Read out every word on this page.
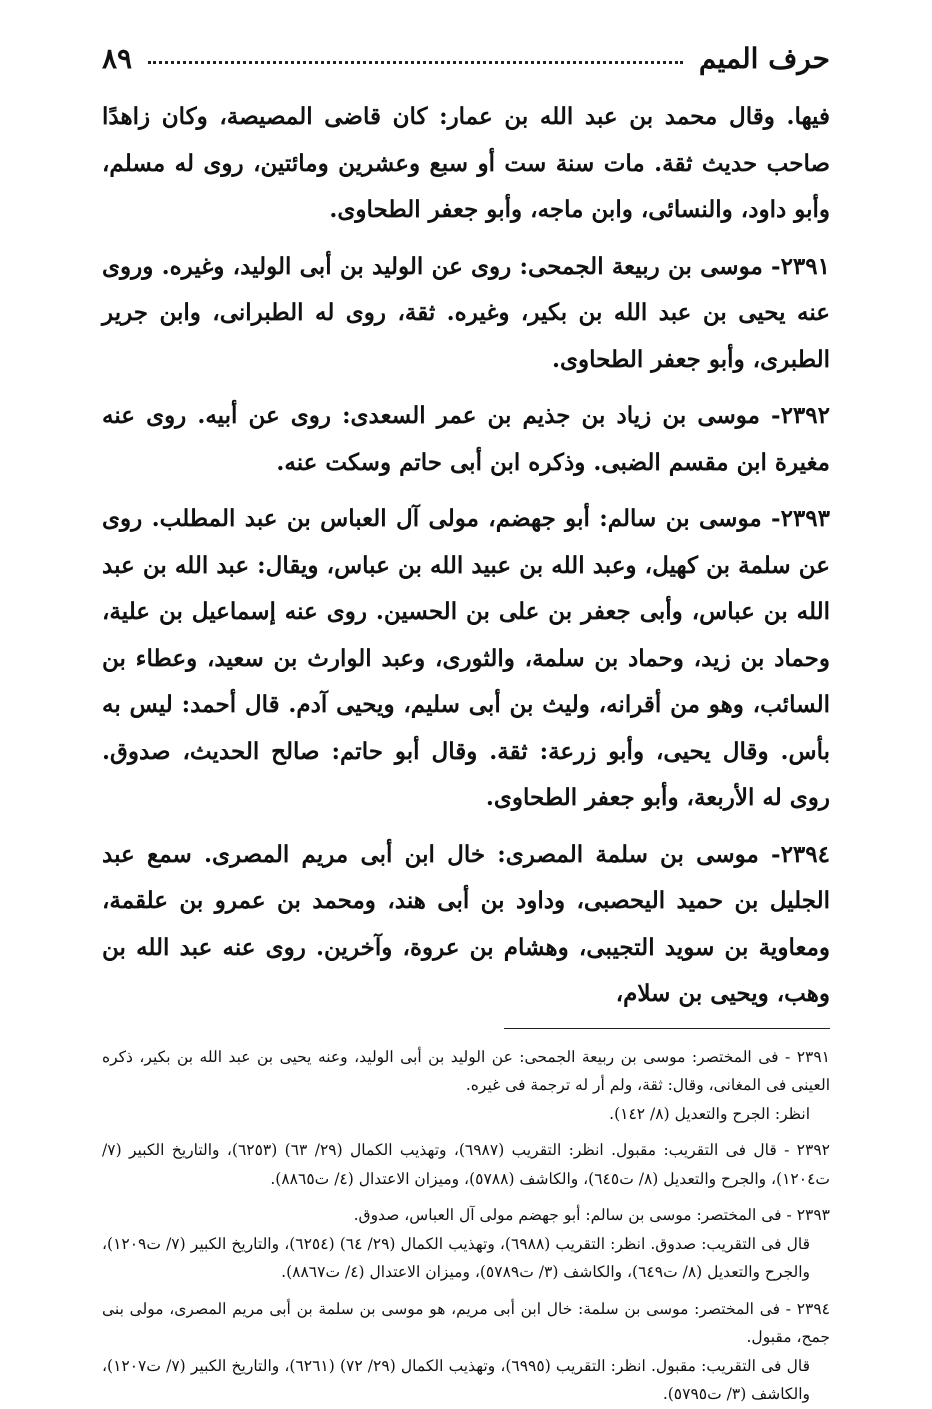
حرف الميم
٨٩

فيها. وقال محمد بن عبد الله بن عمار: كان قاضى المصيصة، وكان زاهدًا صاحب حديث ثقة. مات سنة ست أو سبع وعشرين ومائتين، روى له مسلم، وأبو داود، والنسائى، وابن ماجه، وأبو جعفر الطحاوى.

٢٣٩١- موسى بن ربيعة الجمحى: روى عن الوليد بن أبى الوليد، وغيره. وروى عنه يحيى بن عبد الله بن بكير، وغيره. ثقة، روى له الطبرانى، وابن جرير الطبرى، وأبو جعفر الطحاوى.

٢٣٩٢- موسى بن زياد بن جذيم بن عمر السعدى: روى عن أبيه. روى عنه مغيرة ابن مقسم الضبى. وذكره ابن أبى حاتم وسكت عنه.

٢٣٩٣- موسى بن سالم: أبو جهضم، مولى آل العباس بن عبد المطلب. روى عن سلمة بن كهيل، وعبد الله بن عبيد الله بن عباس، ويقال: عبد الله بن عبد الله بن عباس، وأبى جعفر بن على بن الحسين. روى عنه إسماعيل بن علية، وحماد بن زيد، وحماد بن سلمة، والثورى، وعبد الوارث بن سعيد، وعطاء بن السائب، وهو من أقرانه، وليث بن أبى سليم، ويحيى آدم. قال أحمد: ليس به بأس. وقال يحيى، وأبو زرعة: ثقة. وقال أبو حاتم: صالح الحديث، صدوق. روى له الأربعة، وأبو جعفر الطحاوى.

٢٣٩٤- موسى بن سلمة المصرى: خال ابن أبى مريم المصرى. سمع عبد الجليل بن حميد اليحصبى، وداود بن أبى هند، ومحمد بن عمرو بن علقمة، ومعاوية بن سويد التجيبى، وهشام بن عروة، وآخرين. روى عنه عبد الله بن وهب، ويحيى بن سلام،

٢٣٩١ - فى المختصر: موسى بن ربيعة الجمحى: عن الوليد بن أبى الوليد، وعنه يحيى بن عبد الله بن بكير، ذكره العينى فى المغانى، وقال: ثقة، ولم أر له ترجمة فى غيره.

انظر: الجرح والتعديل (٨/ ١٤٢).

٢٣٩٢ - قال فى التقريب: مقبول. انظر: التقريب (٦٩٨٧)، وتهذيب الكمال (٢٩/ ٦٣) (٦٢٥٣)، والتاريخ الكبير (٧/ ت١٢٠٤)، والجرح والتعديل (٨/ ت٦٤٥)، والكاشف (٥٧٨٨)، وميزان الاعتدال (٤/ ت٨٨٦٥).

٢٣٩٣ - فى المختصر: موسى بن سالم: أبو جهضم مولى آل العباس، صدوق.

قال فى التقريب: صدوق. انظر: التقريب (٦٩٨٨)، وتهذيب الكمال (٢٩/ ٦٤) (٦٢٥٤)، والتاريخ الكبير (٧/ ت١٢٠٩)، والجرح والتعديل (٨/ ت٦٤٩)، والكاشف (٣/ ت٥٧٨٩)، وميزان الاعتدال (٤/ ت٨٨٦٧).

٢٣٩٤ - فى المختصر: موسى بن سلمة: خال ابن أبى مريم، هو موسى بن سلمة بن أبى مريم المصرى، مولى بنى جمح، مقبول.

قال فى التقريب: مقبول. انظر: التقريب (٦٩٩٥)، وتهذيب الكمال (٢٩/ ٧٢) (٦٢٦١)، والتاريخ الكبير (٧/ ت١٢٠٧)، والكاشف (٣/ ت٥٧٩٥).
